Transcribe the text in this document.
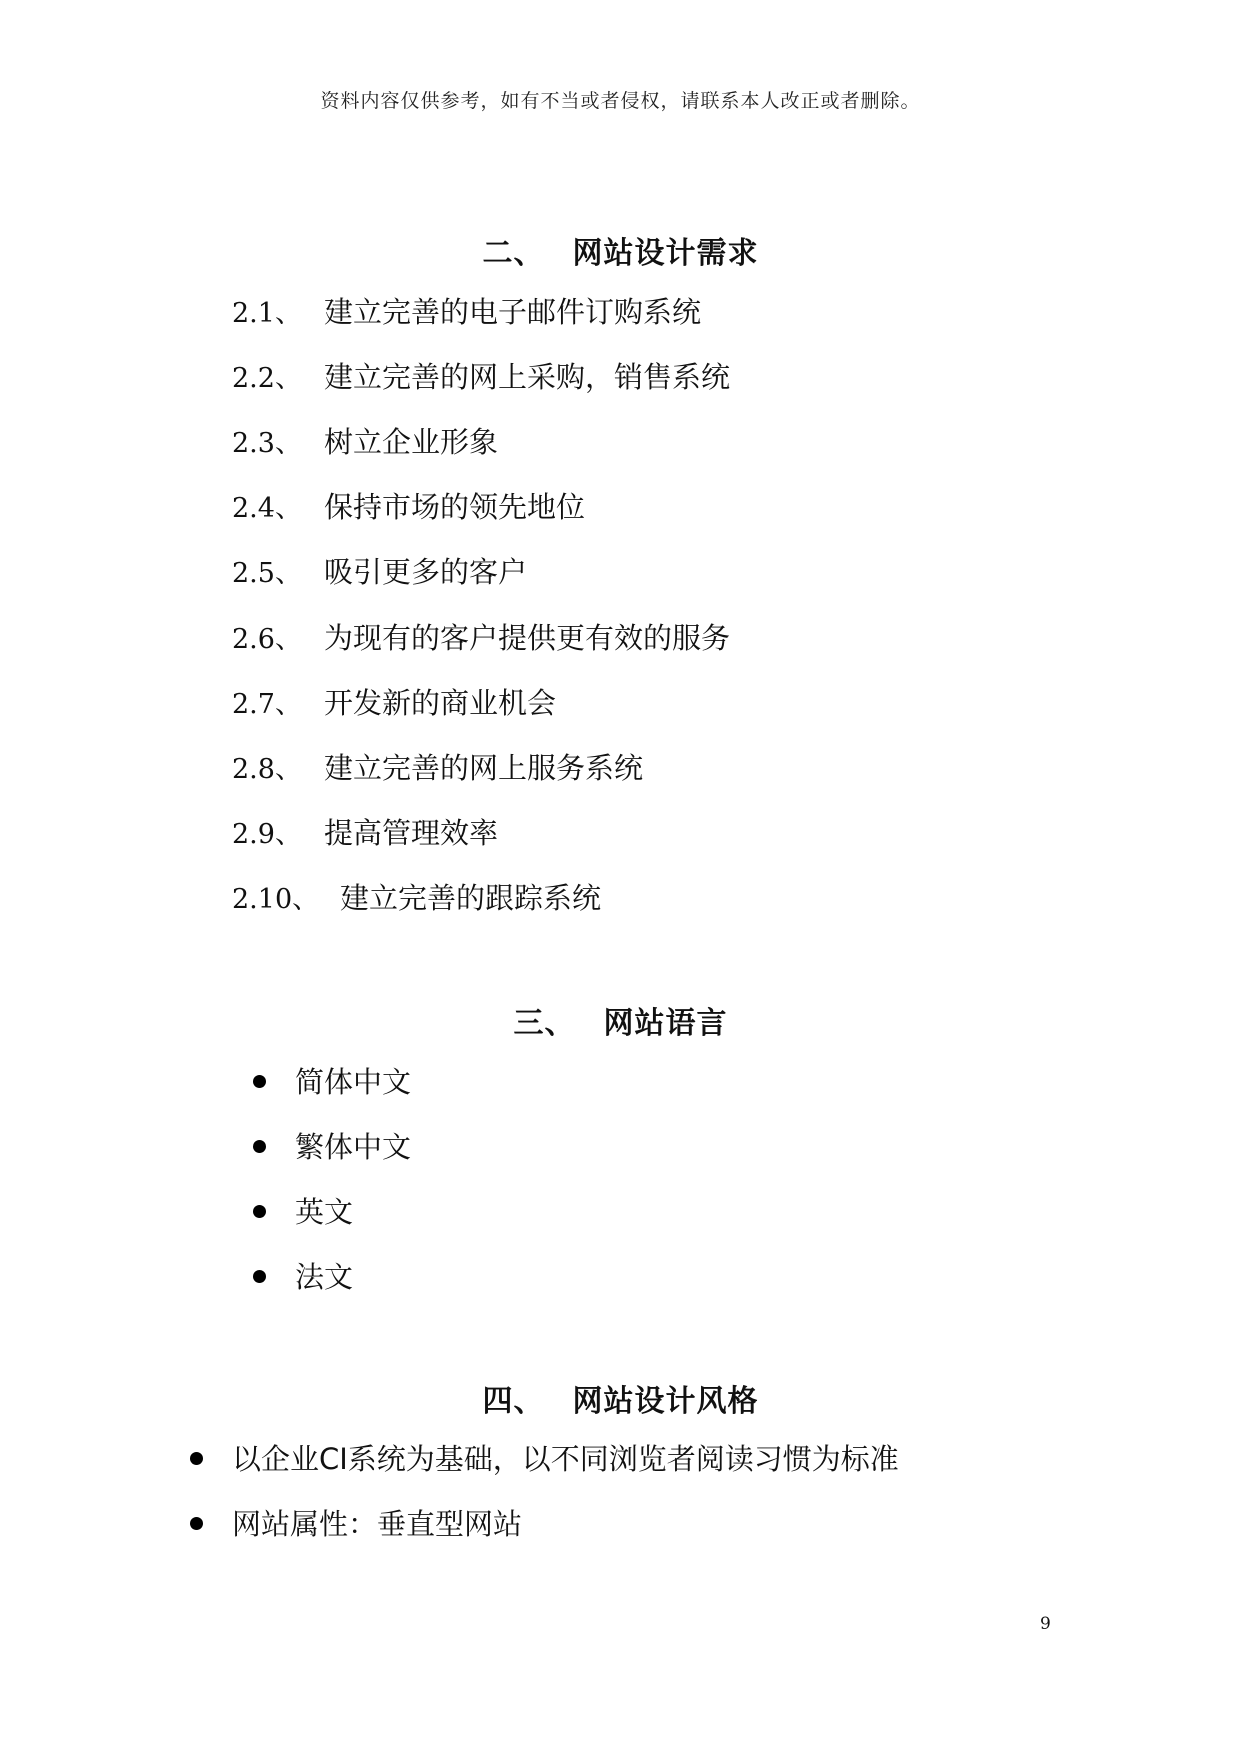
资料内容仅供参考，如有不当或者侵权，请联系本人改正或者删除。
二、 网站设计需求
2.1、 建立完善的电子邮件订购系统
2.2、 建立完善的网上采购，销售系统
2.3、 树立企业形象
2.4、 保持市场的领先地位
2.5、 吸引更多的客户
2.6、 为现有的客户提供更有效的服务
2.7、 开发新的商业机会
2.8、 建立完善的网上服务系统
2.9、 提高管理效率
2.10、 建立完善的跟踪系统
三、 网站语言
简体中文
繁体中文
英文
法文
四、 网站设计风格
以企业CI系统为基础，以不同浏览者阅读习惯为标准
网站属性：垂直型网站
9
